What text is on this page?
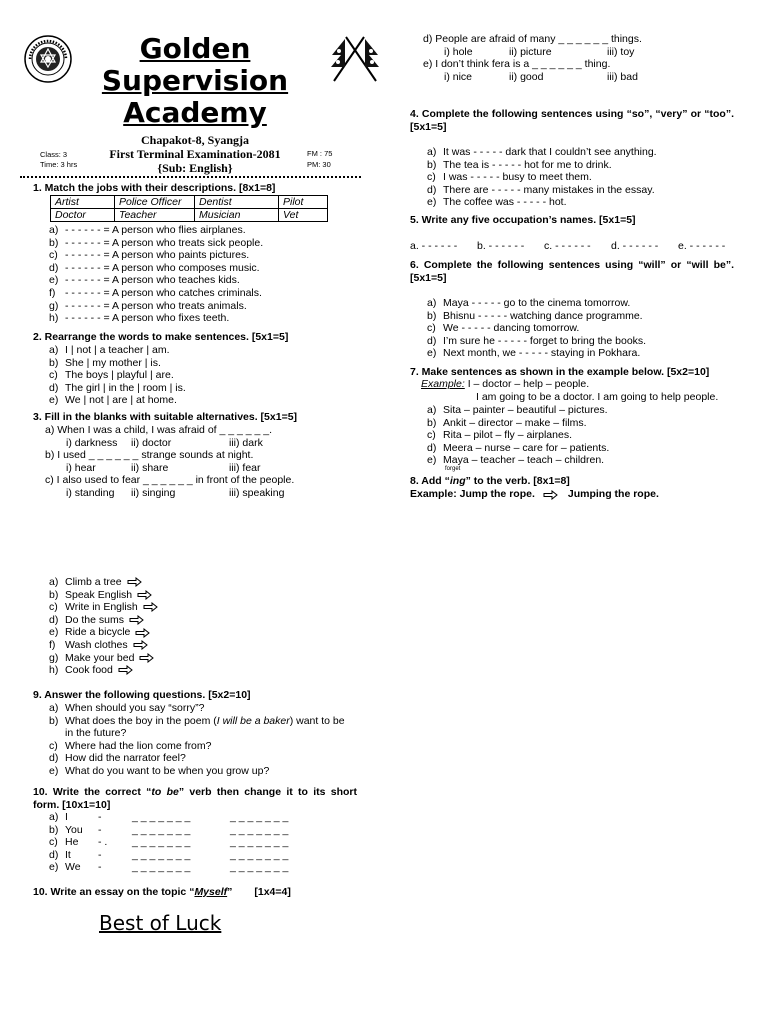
Golden
Supervision
Academy
Chapakot-8, Syangja
First Terminal Examination-2081
{Sub: English}
Class: 3
Time: 3 hrs
FM : 75
PM: 30
1. Match the jobs with their descriptions. [8x1=8]
Artist	Police Officer	Dentist	Pilot
Doctor	Teacher	Musician	Vet
a) - - - - - - = A person who flies airplanes.
b) - - - - - - = A person who treats sick people.
c) - - - - - - = A person who paints pictures.
d) - - - - - - = A person who composes music.
e) - - - - - - = A person who teaches kids.
f) - - - - - - = A person who catches criminals.
g) - - - - - - = A person who treats animals.
h) - - - - - - = A person who fixes teeth.
2. Rearrange the words to make sentences. [5x1=5]
a) I | not | a teacher | am.
b) She | my mother | is.
c) The boys | playful | are.
d) The girl | in the | room | is.
e) We | not | are | at home.
3. Fill in the blanks with suitable alternatives. [5x1=5]
a) When I was a child, I was afraid of _ _ _ _ _ _.
i) darkness ii) doctor	iii) dark
b) I used _ _ _ _ _ _ strange sounds at night.
i) hear	ii) share	iii) fear
c) I also used to fear _ _ _ _ _ _ in front of the people.
i) standing ii) singing	iii) speaking
a) Climb a tree
b) Speak English
c) Write in English
d) Do the sums
e) Ride a bicycle
f) Wash clothes
g) Make your bed
h) Cook food
9. Answer the following questions. [5x2=10]
a) When should you say “sorry”?
b) What does the boy in the poem (I will be a baker) want to be
in the future?
c) Where had the lion come from?
d) How did the narrator feel?
e) What do you want to be when you grow up?
10. Write the correct “to be” verb then change it to its short form. [10x1=10]
a) I	-	_ _ _ _ _ _ _	_ _ _ _ _ _ _
b) You	-	_ _ _ _ _ _ _	_ _ _ _ _ _ _
c) He	- .	_ _ _ _ _ _ _	_ _ _ _ _ _ _
d) It	-	_ _ _ _ _ _ _	_ _ _ _ _ _ _
e) We	-	_ _ _ _ _ _ _	_ _ _ _ _ _ _
10. Write an essay on the topic “Myself” [1x4=4]
Best of Luck
d) People are afraid of many _ _ _ _ _ _ things.
i) hole	ii) picture	iii) toy
e) I don’t think fera is a _ _ _ _ _ _ thing.
i) nice	ii) good	iii) bad
4. Complete the following sentences using “so”, “very” or “too”. [5x1=5]
a) It was - - - - - dark that I couldn’t see anything.
b) The tea is - - - - - hot for me to drink.
c) I was - - - - - busy to meet them.
d) There are - - - - - many mistakes in the essay.
e) The coffee was - - - - - hot.
5. Write any five occupation’s names. [5x1=5]
a. - - - - - -	b. - - - - - -	c. - - - - - -	d. - - - - - -	e. - - - - - -
6. Complete the following sentences using “will” or “will be”. [5x1=5]
a) Maya - - - - - go to the cinema tomorrow.
b) Bhisnu - - - - - watching dance programme.
c) We - - - - - dancing tomorrow.
d) I’m sure he - - - - - forget to bring the books.
e) Next month, we - - - - - staying in Pokhara.
7. Make sentences as shown in the example below. [5x2=10]
Example: I – doctor – help – people.
I am going to be a doctor. I am going to help people.
a) Sita – painter – beautiful – pictures.
b) Ankit – director – make – films.
c) Rita – pilot – fly – airplanes.
d) Meera – nurse – care for – patients.
e) Maya – teacher – teach – children.
forget
8. Add “ing” to the verb. [8x1=8]
Example: Jump the rope.	Jumping the rope.
